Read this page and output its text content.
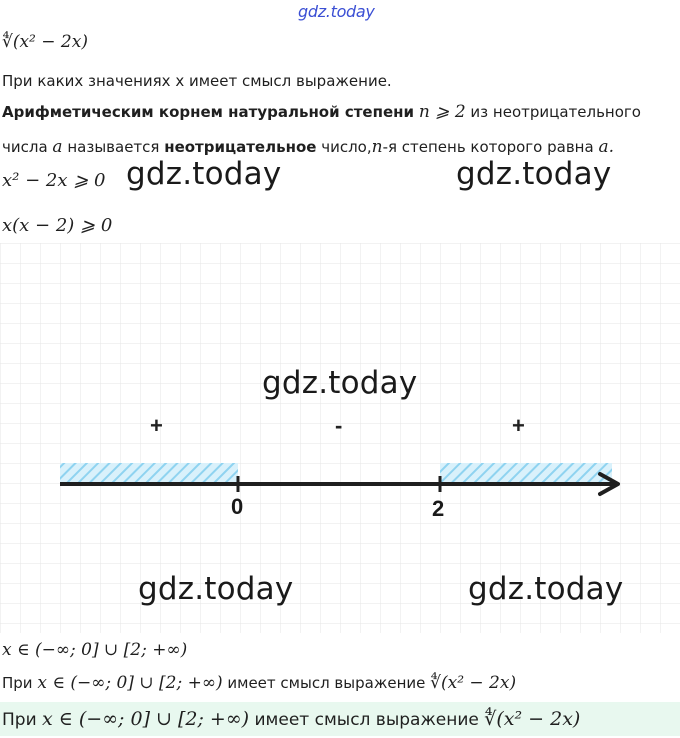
gdz.today
∜(x² − 2x)
При каких значениях x имеет смысл выражение.
Арифметическим корнем натуральной степени n ⩾ 2 из неотрицательного
числа a называется неотрицательное число,n-я степень которого равна a.
x² − 2x ⩾ 0 gdz.today	gdz.today
x(x − 2) ⩾ 0
gdz.today
+	-	+
0	2
gdz.today	gdz.today
x ∈ (−∞; 0] ∪ [2; +∞)
При x ∈ (−∞; 0] ∪ [2; +∞) имеет смысл выражение ∜(x² − 2x)
При x ∈ (−∞; 0] ∪ [2; +∞) имеет смысл выражение ∜(x² − 2x)
